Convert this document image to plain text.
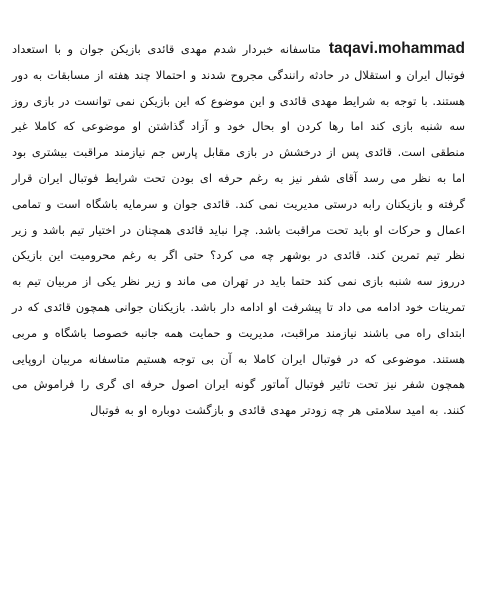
taqavi.mohammadمتاسفانه خبردار شدم مهدی قائدی بازیکن جوان و با استعداد فوتبال ایران و استقلال در حادثه رانندگی مجروح شدند و احتمالا چند هفته از مسابقات به دور هستند. با توجه به شرایط مهدی قائدی و این موضوع که این بازیکن نمی توانست در بازی روز سه شنبه بازی کند اما رها کردن او بحال خود و آزاد گذاشتن او موضوعی که کاملا غیر منطقی است. قائدی پس از درخشش در بازی مقابل پارس جم نیازمند مراقبت بیشتری بود اما به نظر می رسد آقای شفر نیز به رغم حرفه ای بودن تحت شرایط فوتبال ایران قرار گرفته و بازیکنان رابه درستی مدیریت نمی کند. قائدی جوان و سرمایه باشگاه است و تمامی اعمال و حرکات او باید تحت مراقبت باشد. چرا نباید قائدی همچنان در اختیار تیم باشد و زیر نظر تیم تمرین کند. قائدی در بوشهر چه می کرد؟ حتی اگر به رغم محرومیت این بازیکن درروز سه شنبه بازی نمی کند حتما باید در تهران می ماند و زیر نظر یکی از مربیان تیم به تمرینات خود ادامه می داد تا پیشرفت او ادامه دار باشد. بازیکنان جوانی همچون قائدی که در ابتدای راه می باشند نیازمند مراقبت، مدیریت و حمایت همه جانبه خصوصا باشگاه و مربی هستند. موضوعی که در فوتبال ایران کاملا به آن بی توجه هستیم متاسفانه مربیان اروپایی همچون شفر نیز تحت تاثیر فوتبال آماتور گونه ایران اصول حرفه ای گری را فراموش می کنند. به امید سلامتی هر چه زودتر مهدی قائدی و بازگشت دوباره او به فوتبال
